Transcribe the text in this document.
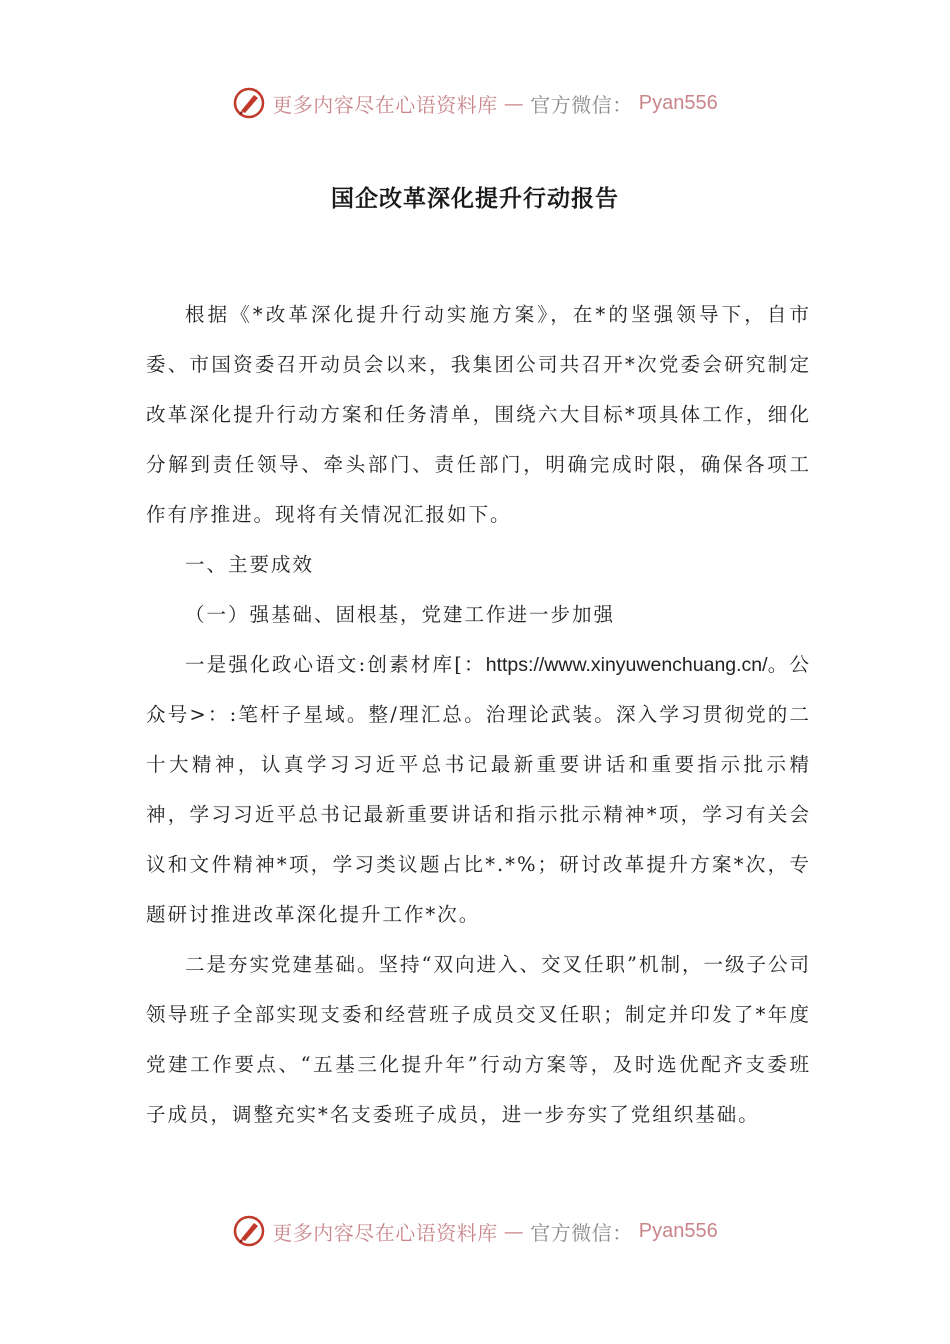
更多内容尽在心语资料库 — 官方微信： Pyan556
国企改革深化提升行动报告

根据《*改革深化提升行动实施方案》，在*的坚强领导下，自市委、市国资委召开动员会以来，我集团公司共召开*次党委会研究制定改革深化提升行动方案和任务清单，围绕六大目标*项具体工作，细化分解到责任领导、牵头部门、责任部门，明确完成时限，确保各项工作有序推进。现将有关情况汇报如下。

一、主要成效

（一）强基础、固根基，党建工作进一步加强

一是强化政心语文:创素材库[：https://www.xinyuwenchuang.cn/。公众号>：:笔杆子星域。整/理汇总。治理论武装。深入学习贯彻党的二十大精神，认真学习习近平总书记最新重要讲话和重要指示批示精神，学习习近平总书记最新重要讲话和指示批示精神*项，学习有关会议和文件精神*项，学习类议题占比*.*%；研讨改革提升方案*次，专题研讨推进改革深化提升工作*次。

二是夯实党建基础。坚持“双向进入、交叉任职”机制，一级子公司领导班子全部实现支委和经营班子成员交叉任职；制定并印发了*年度党建工作要点、“五基三化提升年”行动方案等，及时选优配齐支委班子成员，调整充实*名支委班子成员，进一步夯实了党组织基础。

更多内容尽在心语资料库 — 官方微信： Pyan556
